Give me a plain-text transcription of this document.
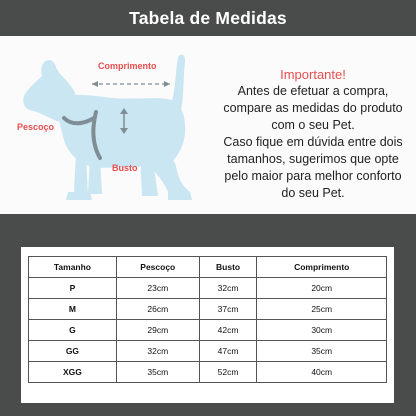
Tabela de Medidas
Comprimento
Pescoço
Busto
Importante!
Antes de efetuar a compra,
compare as medidas do produto
com o seu Pet.
Caso fique em dúvida entre dois
tamanhos, sugerimos que opte
pelo maior para melhor conforto
do seu Pet.
Tamanho	Pescoço	Busto	Comprimento
P	23cm	32cm	20cm
M	26cm	37cm	25cm
G	29cm	42cm	30cm
GG	32cm	47cm	35cm
XGG	35cm	52cm	40cm
